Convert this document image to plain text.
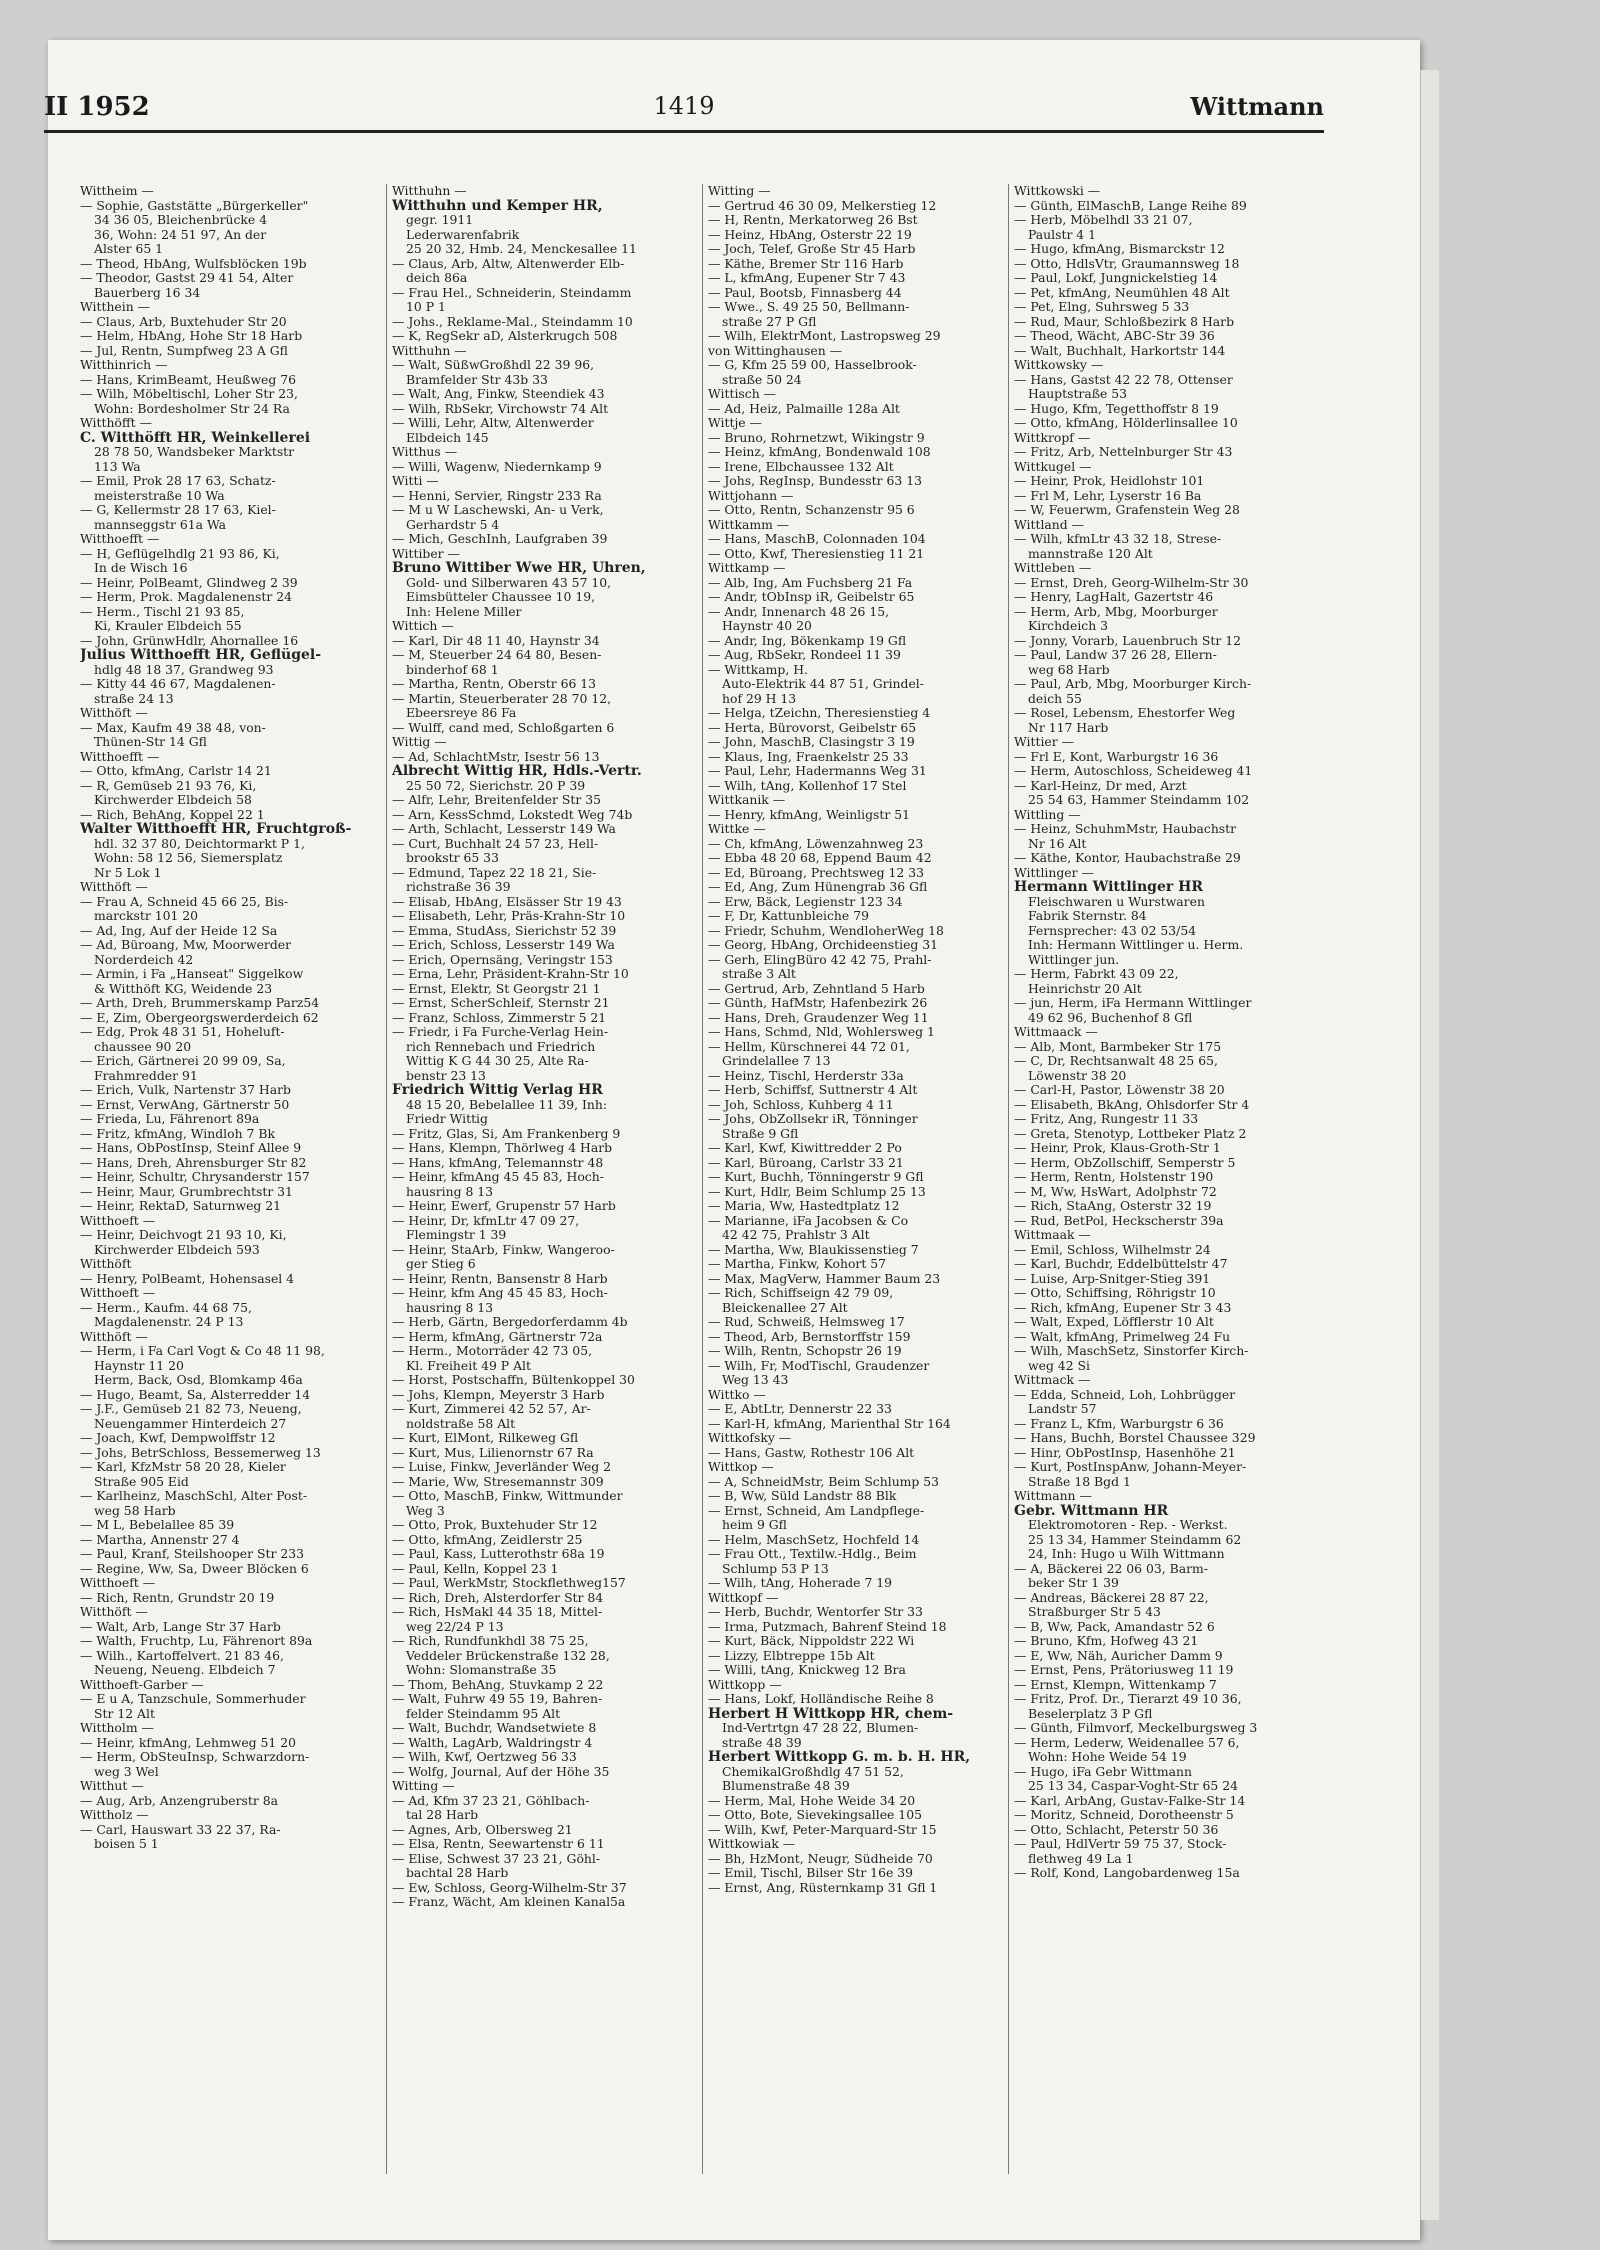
II 1952	1419	Wittmann
Wittheim —
— Sophie, Gaststätte „Bürgerkeller"
34 36 05, Bleichenbrücke 4
36, Wohn: 24 51 97, An der
Alster 65 1
— Theod, HbAng, Wulfsblöcken 19b
— Theodor, Gastst 29 41 54, Alter
Bauerberg 16 34
Witthein —
— Claus, Arb, Buxtehuder Str 20
— Helm, HbAng, Hohe Str 18 Harb
— Jul, Rentn, Sumpfweg 23 A Gfl
Witthinrich —
— Hans, KrimBeamt, Heußweg 76
— Wilh, Möbeltischl, Loher Str 23,
Wohn: Bordesholmer Str 24 Ra
Witthöfft —
C. Witthöfft HR, Weinkellerei
28 78 50, Wandsbeker Marktstr
113 Wa
— Emil, Prok 28 17 63, Schatz-
meisterstraße 10 Wa
— G, Kellermstr 28 17 63, Kiel-
mannseggstr 61a Wa
Witthoefft —
— H, Geflügelhdlg 21 93 86, Ki,
In de Wisch 16
— Heinr, PolBeamt, Glindweg 2 39
— Herm, Prok. Magdalenenstr 24
— Herm., Tischl 21 93 85,
Ki, Krauler Elbdeich 55
— John, GrünwHdlr, Ahornallee 16
Julius Witthoefft HR, Geflügel-
hdlg 48 18 37, Grandweg 93
— Kitty 44 46 67, Magdalenen-
straße 24 13
Witthöft —
— Max, Kaufm 49 38 48, von-
Thünen-Str 14 Gfl
Witthoefft —
— Otto, kfmAng, Carlstr 14 21
— R, Gemüseb 21 93 76, Ki,
Kirchwerder Elbdeich 58
— Rich, BehAng, Koppel 22 1
Walter Witthoefft HR, Fruchtgroß-
hdl. 32 37 80, Deichtormarkt P 1,
Wohn: 58 12 56, Siemersplatz
Nr 5 Lok 1
Witthöft —
— Frau A, Schneid 45 66 25, Bis-
marckstr 101 20
— Ad, Ing, Auf der Heide 12 Sa
— Ad, Büroang, Mw, Moorwerder
Norderdeich 42
— Armin, i Fa „Hanseat" Siggelkow
& Witthöft KG, Weidende 23
— Arth, Dreh, Brummerskamp Parz54
— E, Zim, Obergeorgswerderdeich 62
— Edg, Prok 48 31 51, Hoheluft-
chaussee 90 20
— Erich, Gärtnerei 20 99 09, Sa,
Frahmredder 91
— Erich, Vulk, Nartenstr 37 Harb
— Ernst, VerwAng, Gärtnerstr 50
— Frieda, Lu, Fährenort 89a
— Fritz, kfmAng, Windloh 7 Bk
— Hans, ObPostInsp, Steinf Allee 9
— Hans, Dreh, Ahrensburger Str 82
— Heinr, Schultr, Chrysanderstr 157
— Heinr, Maur, Grumbrechtstr 31
— Heinr, RektaD, Saturnweg 21
Witthoeft —
— Heinr, Deichvogt 21 93 10, Ki,
Kirchwerder Elbdeich 593
Witthöft
— Henry, PolBeamt, Hohensasel 4
Witthoeft —
— Herm., Kaufm. 44 68 75,
Magdalenenstr. 24 P 13
Witthöft —
— Herm, i Fa Carl Vogt & Co 48 11 98,
Haynstr 11 20
Herm, Back, Osd, Blomkamp 46a
— Hugo, Beamt, Sa, Alsterredder 14
— J.F., Gemüseb 21 82 73, Neueng,
Neuengammer Hinterdeich 27
— Joach, Kwf, Dempwolffstr 12
— Johs, BetrSchloss, Bessemerweg 13
— Karl, KfzMstr 58 20 28, Kieler
Straße 905 Eid
— Karlheinz, MaschSchl, Alter Post-
weg 58 Harb
— M L, Bebelallee 85 39
— Martha, Annenstr 27 4
— Paul, Kranf, Steilshooper Str 233
— Regine, Ww, Sa, Dweer Blöcken 6
Witthoeft —
— Rich, Rentn, Grundstr 20 19
Witthöft —
— Walt, Arb, Lange Str 37 Harb
— Walth, Fruchtp, Lu, Fährenort 89a
— Wilh., Kartoffelvert. 21 83 46,
Neueng, Neueng. Elbdeich 7
Witthoeft-Garber —
— E u A, Tanzschule, Sommerhuder
Str 12 Alt
Wittholm —
— Heinr, kfmAng, Lehmweg 51 20
— Herm, ObSteuInsp, Schwarzdorn-
weg 3 Wel
Witthut —
— Aug, Arb, Anzengruberstr 8a
Wittholz —
— Carl, Hauswart 33 22 37, Ra-
boisen 5 1
Witthuhn —
Witthuhn und Kemper HR,
gegr. 1911
Lederwarenfabrik
25 20 32, Hmb. 24, Menckesallee 11
— Claus, Arb, Altw, Altenwerder Elb-
deich 86a
— Frau Hel., Schneiderin, Steindamm
10 P 1
— Johs., Reklame-Mal., Steindamm 10
— K, RegSekr aD, Alsterkrugch 508
Witthuhn —
— Walt, SüßwGroßhdl 22 39 96,
Bramfelder Str 43b 33
— Walt, Ang, Finkw, Steendiek 43
— Wilh, RbSekr, Virchowstr 74 Alt
— Willi, Lehr, Altw, Altenwerder
Elbdeich 145
Witthus —
— Willi, Wagenw, Niedernkamp 9
Witti —
— Henni, Servier, Ringstr 233 Ra
— M u W Laschewski, An- u Verk,
Gerhardstr 5 4
— Mich, GeschInh, Laufgraben 39
Wittiber —
Bruno Wittiber Wwe HR, Uhren,
Gold- und Silberwaren 43 57 10,
Eimsbütteler Chaussee 10 19,
Inh: Helene Miller
Wittich —
— Karl, Dir 48 11 40, Haynstr 34
— M, Steuerber 24 64 80, Besen-
binderhof 68 1
— Martha, Rentn, Oberstr 66 13
— Martin, Steuerberater 28 70 12,
Ebeersreye 86 Fa
— Wulff, cand med, Schloßgarten 6
Wittig —
— Ad, SchlachtMstr, Isestr 56 13
Albrecht Wittig HR, Hdls.-Vertr.
25 50 72, Sierichstr. 20 P 39
— Alfr, Lehr, Breitenfelder Str 35
— Arn, KessSchmd, Lokstedt Weg 74b
— Arth, Schlacht, Lesserstr 149 Wa
— Curt, Buchhalt 24 57 23, Hell-
brookstr 65 33
— Edmund, Tapez 22 18 21, Sie-
richstraße 36 39
— Elisab, HbAng, Elsässer Str 19 43
— Elisabeth, Lehr, Präs-Krahn-Str 10
— Emma, StudAss, Sierichstr 52 39
— Erich, Schloss, Lesserstr 149 Wa
— Erich, Opernsäng, Veringstr 153
— Erna, Lehr, Präsident-Krahn-Str 10
— Ernst, Elektr, St Georgstr 21 1
— Ernst, ScherSchleif, Sternstr 21
— Franz, Schloss, Zimmerstr 5 21
— Friedr, i Fa Furche-Verlag Hein-
rich Rennebach und Friedrich
Wittig K G 44 30 25, Alte Ra-
benstr 23 13
Friedrich Wittig Verlag HR
48 15 20, Bebelallee 11 39, Inh:
Friedr Wittig
— Fritz, Glas, Si, Am Frankenberg 9
— Hans, Klempn, Thörlweg 4 Harb
— Hans, kfmAng, Telemannstr 48
— Heinr, kfmAng 45 45 83, Hoch-
hausring 8 13
— Heinr, Ewerf, Grupenstr 57 Harb
— Heinr, Dr, kfmLtr 47 09 27,
Flemingstr 1 39
— Heinr, StaArb, Finkw, Wangeroo-
ger Stieg 6
— Heinr, Rentn, Bansenstr 8 Harb
— Heinr, kfm Ang 45 45 83, Hoch-
hausring 8 13
— Herb, Gärtn, Bergedorferdamm 4b
— Herm, kfmAng, Gärtnerstr 72a
— Herm., Motorräder 42 73 05,
Kl. Freiheit 49 P Alt
— Horst, Postschaffn, Bültenkoppel 30
— Johs, Klempn, Meyerstr 3 Harb
— Kurt, Zimmerei 42 52 57, Ar-
noldstraße 58 Alt
— Kurt, ElMont, Rilkeweg Gfl
— Kurt, Mus, Lilienornstr 67 Ra
— Luise, Finkw, Jeverländer Weg 2
— Marie, Ww, Stresemannstr 309
— Otto, MaschB, Finkw, Wittmunder
Weg 3
— Otto, Prok, Buxtehuder Str 12
— Otto, kfmAng, Zeidlerstr 25
— Paul, Kass, Lutterothstr 68a 19
— Paul, Kelln, Koppel 23 1
— Paul, WerkMstr, Stockflethweg157
— Rich, Dreh, Alsterdorfer Str 84
— Rich, HsMakl 44 35 18, Mittel-
weg 22/24 P 13
— Rich, Rundfunkhdl 38 75 25,
Veddeler Brückenstraße 132 28,
Wohn: Slomanstraße 35
— Thom, BehAng, Stuvkamp 2 22
— Walt, Fuhrw 49 55 19, Bahren-
felder Steindamm 95 Alt
— Walt, Buchdr, Wandsetwiete 8
— Walth, LagArb, Waldringstr 4
— Wilh, Kwf, Oertzweg 56 33
— Wolfg, Journal, Auf der Höhe 35
Witting —
— Ad, Kfm 37 23 21, Göhlbach-
tal 28 Harb
— Agnes, Arb, Olbersweg 21
— Elsa, Rentn, Seewartenstr 6 11
— Elise, Schwest 37 23 21, Göhl-
bachtal 28 Harb
— Ew, Schloss, Georg-Wilhelm-Str 37
— Franz, Wächt, Am kleinen Kanal5a
Witting —
— Gertrud 46 30 09, Melkerstieg 12
— H, Rentn, Merkatorweg 26 Bst
— Heinz, HbAng, Osterstr 22 19
— Joch, Telef, Große Str 45 Harb
— Käthe, Bremer Str 116 Harb
— L, kfmAng, Eupener Str 7 43
— Paul, Bootsb, Finnasberg 44
— Wwe., S. 49 25 50, Bellmann-
straße 27 P Gfl
— Wilh, ElektrMont, Lastropsweg 29
von Wittinghausen —
— G, Kfm 25 59 00, Hasselbrook-
straße 50 24
Wittisch —
— Ad, Heiz, Palmaille 128a Alt
Wittje —
— Bruno, Rohrnetzwt, Wikingstr 9
— Heinz, kfmAng, Bondenwald 108
— Irene, Elbchaussee 132 Alt
— Johs, RegInsp, Bundesstr 63 13
Wittjohann —
— Otto, Rentn, Schanzenstr 95 6
Wittkamm —
— Hans, MaschB, Colonnaden 104
— Otto, Kwf, Theresienstieg 11 21
Wittkamp —
— Alb, Ing, Am Fuchsberg 21 Fa
— Andr, tObInsp iR, Geibelstr 65
— Andr, Innenarch 48 26 15,
Haynstr 40 20
— Andr, Ing, Bökenkamp 19 Gfl
— Aug, RbSekr, Rondeel 11 39
— Wittkamp, H.
Auto-Elektrik 44 87 51, Grindel-
hof 29 H 13
— Helga, tZeichn, Theresienstieg 4
— Herta, Bürovorst, Geibelstr 65
— John, MaschB, Clasingstr 3 19
— Klaus, Ing, Fraenkelstr 25 33
— Paul, Lehr, Hadermanns Weg 31
— Wilh, tAng, Kollenhof 17 Stel
Wittkanik —
— Henry, kfmAng, Weinligstr 51
Wittke —
— Ch, kfmAng, Löwenzahnweg 23
— Ebba 48 20 68, Eppend Baum 42
— Ed, Büroang, Prechtsweg 12 33
— Ed, Ang, Zum Hünengrab 36 Gfl
— Erw, Bäck, Legienstr 123 34
— F, Dr, Kattunbleiche 79
— Friedr, Schuhm, WendloherWeg 18
— Georg, HbAng, Orchideenstieg 31
— Gerh, ElingBüro 42 42 75, Prahl-
straße 3 Alt
— Gertrud, Arb, Zehntland 5 Harb
— Günth, HafMstr, Hafenbezirk 26
— Hans, Dreh, Graudenzer Weg 11
— Hans, Schmd, Nld, Wohlersweg 1
— Hellm, Kürschnerei 44 72 01,
Grindelallee 7 13
— Heinz, Tischl, Herderstr 33a
— Herb, Schiffsf, Suttnerstr 4 Alt
— Joh, Schloss, Kuhberg 4 11
— Johs, ObZollsekr iR, Tönninger
Straße 9 Gfl
— Karl, Kwf, Kiwittredder 2 Po
— Karl, Büroang, Carlstr 33 21
— Kurt, Buchh, Tönningerstr 9 Gfl
— Kurt, Hdlr, Beim Schlump 25 13
— Maria, Ww, Hastedtplatz 12
— Marianne, iFa Jacobsen & Co
42 42 75, Prahlstr 3 Alt
— Martha, Ww, Blaukissenstieg 7
— Martha, Finkw, Kohort 57
— Max, MagVerw, Hammer Baum 23
— Rich, Schiffseign 42 79 09,
Bleickenallee 27 Alt
— Rud, Schweiß, Helmsweg 17
— Theod, Arb, Bernstorffstr 159
— Wilh, Rentn, Schopstr 26 19
— Wilh, Fr, ModTischl, Graudenzer
Weg 13 43
Wittko —
— E, AbtLtr, Dennerstr 22 33
— Karl-H, kfmAng, Marienthal Str 164
Wittkofsky —
— Hans, Gastw, Rothestr 106 Alt
Wittkop —
— A, SchneidMstr, Beim Schlump 53
— B, Ww, Süld Landstr 88 Blk
— Ernst, Schneid, Am Landpflege-
heim 9 Gfl
— Helm, MaschSetz, Hochfeld 14
— Frau Ott., Textilw.-Hdlg., Beim
Schlump 53 P 13
— Wilh, tAng, Hoherade 7 19
Wittkopf —
— Herb, Buchdr, Wentorfer Str 33
— Irma, Putzmach, Bahrenf Steind 18
— Kurt, Bäck, Nippoldstr 222 Wi
— Lizzy, Elbtreppe 15b Alt
— Willi, tAng, Knickweg 12 Bra
Wittkopp —
— Hans, Lokf, Holländische Reihe 8
Herbert H Wittkopp HR, chem-
Ind-Vertrtgn 47 28 22, Blumen-
straße 48 39
Herbert Wittkopp G. m. b. H. HR,
ChemikalGroßhdlg 47 51 52,
Blumenstraße 48 39
— Herm, Mal, Hohe Weide 34 20
— Otto, Bote, Sievekingsallee 105
— Wilh, Kwf, Peter-Marquard-Str 15
Wittkowiak —
— Bh, HzMont, Neugr, Südheide 70
— Emil, Tischl, Bilser Str 16e 39
— Ernst, Ang, Rüsternkamp 31 Gfl 1
Wittkowski —
— Günth, ElMaschB, Lange Reihe 89
— Herb, Möbelhdl 33 21 07,
Paulstr 4 1
— Hugo, kfmAng, Bismarckstr 12
— Otto, HdlsVtr, Graumannsweg 18
— Paul, Lokf, Jungnickelstieg 14
— Pet, kfmAng, Neumühlen 48 Alt
— Pet, Elng, Suhrsweg 5 33
— Rud, Maur, Schloßbezirk 8 Harb
— Theod, Wächt, ABC-Str 39 36
— Walt, Buchhalt, Harkortstr 144
Wittkowsky —
— Hans, Gastst 42 22 78, Ottenser
Hauptstraße 53
— Hugo, Kfm, Tegetthoffstr 8 19
— Otto, kfmAng, Hölderlinsallee 10
Wittkropf —
— Fritz, Arb, Nettelnburger Str 43
Wittkugel —
— Heinr, Prok, Heidlohstr 101
— Frl M, Lehr, Lyserstr 16 Ba
— W, Feuerwm, Grafenstein Weg 28
Wittland —
— Wilh, kfmLtr 43 32 18, Strese-
mannstraße 120 Alt
Wittleben —
— Ernst, Dreh, Georg-Wilhelm-Str 30
— Henry, LagHalt, Gazertstr 46
— Herm, Arb, Mbg, Moorburger
Kirchdeich 3
— Jonny, Vorarb, Lauenbruch Str 12
— Paul, Landw 37 26 28, Ellern-
weg 68 Harb
— Paul, Arb, Mbg, Moorburger Kirch-
deich 55
— Rosel, Lebensm, Ehestorfer Weg
Nr 117 Harb
Wittier —
— Frl E, Kont, Warburgstr 16 36
— Herm, Autoschloss, Scheideweg 41
— Karl-Heinz, Dr med, Arzt
25 54 63, Hammer Steindamm 102
Wittling —
— Heinz, SchuhmMstr, Haubachstr
Nr 16 Alt
— Käthe, Kontor, Haubachstraße 29
Wittlinger —
Hermann Wittlinger HR
Fleischwaren u Wurstwaren
Fabrik Sternstr. 84
Fernsprecher: 43 02 53/54
Inh: Hermann Wittlinger u. Herm.
Wittlinger jun.
— Herm, Fabrkt 43 09 22,
Heinrichstr 20 Alt
— jun, Herm, iFa Hermann Wittlinger
49 62 96, Buchenhof 8 Gfl
Wittmaack —
— Alb, Mont, Barmbeker Str 175
— C, Dr, Rechtsanwalt 48 25 65,
Löwenstr 38 20
— Carl-H, Pastor, Löwenstr 38 20
— Elisabeth, BkAng, Ohlsdorfer Str 4
— Fritz, Ang, Rungestr 11 33
— Greta, Stenotyp, Lottbeker Platz 2
— Heinr, Prok, Klaus-Groth-Str 1
— Herm, ObZollschiff, Semperstr 5
— Herm, Rentn, Holstenstr 190
— M, Ww, HsWart, Adolphstr 72
— Rich, StaAng, Osterstr 32 19
— Rud, BetPol, Heckscherstr 39a
Wittmaak —
— Emil, Schloss, Wilhelmstr 24
— Karl, Buchdr, Eddelbüttelstr 47
— Luise, Arp-Snitger-Stieg 391
— Otto, Schiffsing, Röhrigstr 10
— Rich, kfmAng, Eupener Str 3 43
— Walt, Exped, Löfflerstr 10 Alt
— Walt, kfmAng, Primelweg 24 Fu
— Wilh, MaschSetz, Sinstorfer Kirch-
weg 42 Si
Wittmack —
— Edda, Schneid, Loh, Lohbrügger
Landstr 57
— Franz L, Kfm, Warburgstr 6 36
— Hans, Buchh, Borstel Chaussee 329
— Hinr, ObPostInsp, Hasenhöhe 21
— Kurt, PostInspAnw, Johann-Meyer-
Straße 18 Bgd 1
Wittmann —
Gebr. Wittmann HR
Elektromotoren - Rep. - Werkst.
25 13 34, Hammer Steindamm 62
24, Inh: Hugo u Wilh Wittmann
— A, Bäckerei 22 06 03, Barm-
beker Str 1 39
— Andreas, Bäckerei 28 87 22,
Straßburger Str 5 43
— B, Ww, Pack, Amandastr 52 6
— Bruno, Kfm, Hofweg 43 21
— E, Ww, Näh, Auricher Damm 9
— Ernst, Pens, Prätoriusweg 11 19
— Ernst, Klempn, Wittenkamp 7
— Fritz, Prof. Dr., Tierarzt 49 10 36,
Beselerplatz 3 P Gfl
— Günth, Filmvorf, Meckelburgsweg 3
— Herm, Lederw, Weidenallee 57 6,
Wohn: Hohe Weide 54 19
— Hugo, iFa Gebr Wittmann
25 13 34, Caspar-Voght-Str 65 24
— Karl, ArbAng, Gustav-Falke-Str 14
— Moritz, Schneid, Dorotheenstr 5
— Otto, Schlacht, Peterstr 50 36
— Paul, HdlVertr 59 75 37, Stock-
flethweg 49 La 1
— Rolf, Kond, Langobardenweg 15a
